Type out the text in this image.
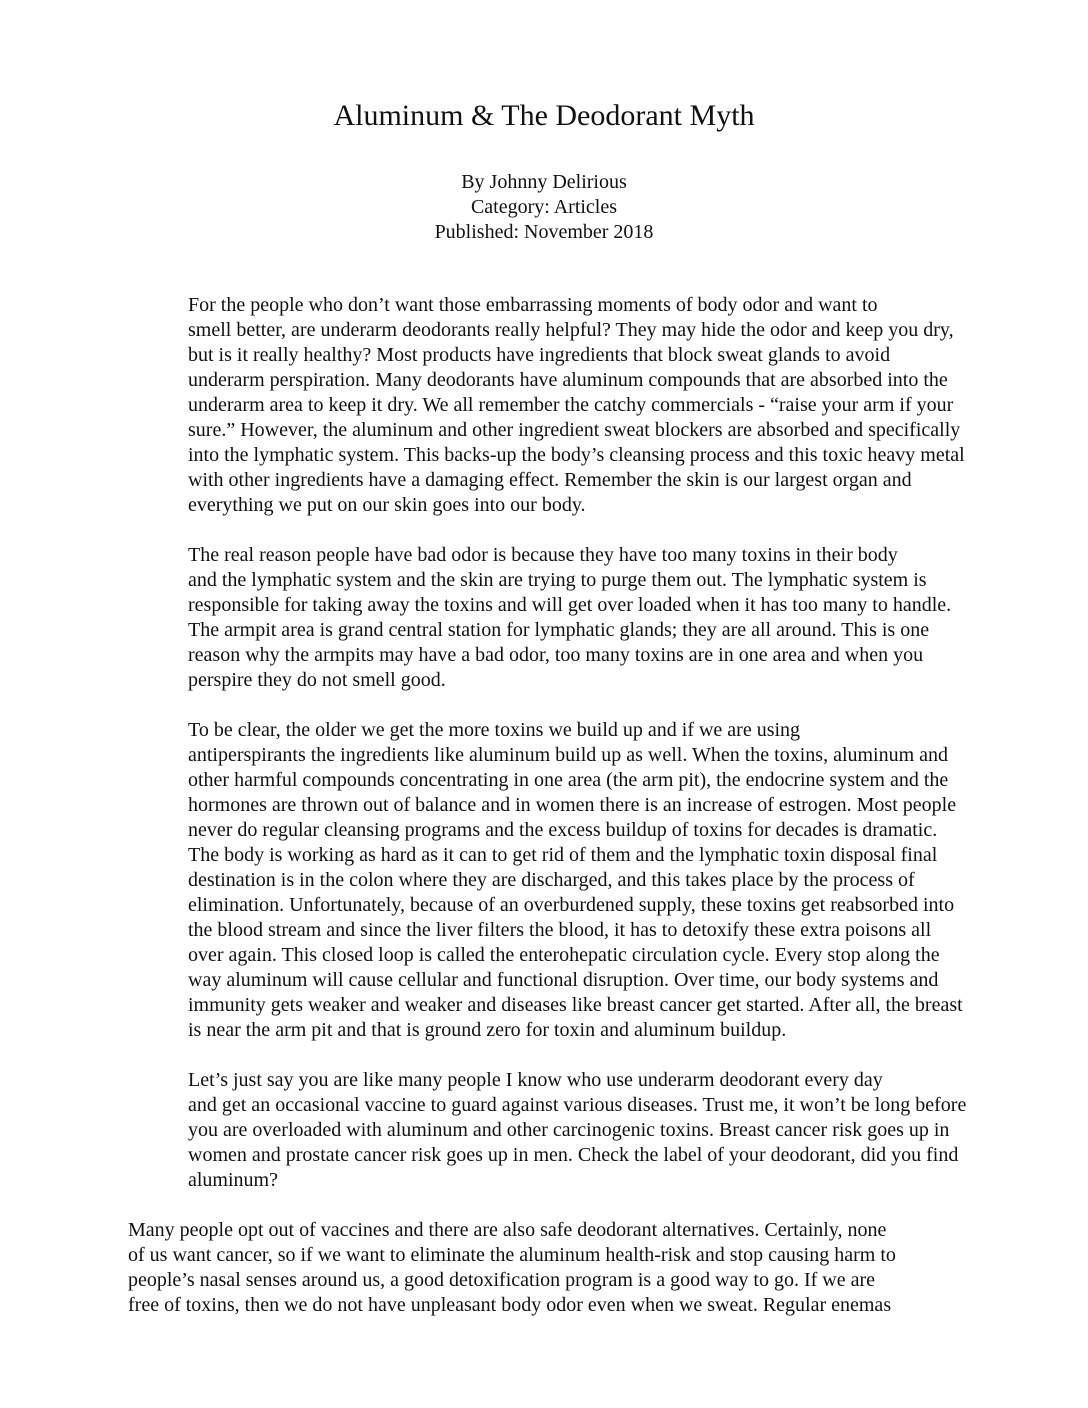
Aluminum & The Deodorant Myth
By Johnny Delirious
Category: Articles
Published: November 2018

For the people who don’t want those embarrassing moments of body odor and want to
smell better, are underarm deodorants really helpful? They may hide the odor and keep you dry,
but is it really healthy? Most products have ingredients that block sweat glands to avoid
underarm perspiration. Many deodorants have aluminum compounds that are absorbed into the
underarm area to keep it dry. We all remember the catchy commercials - “raise your arm if your
sure.” However, the aluminum and other ingredient sweat blockers are absorbed and specifically
into the lymphatic system. This backs-up the body’s cleansing process and this toxic heavy metal
with other ingredients have a damaging effect. Remember the skin is our largest organ and
everything we put on our skin goes into our body.

The real reason people have bad odor is because they have too many toxins in their body
and the lymphatic system and the skin are trying to purge them out. The lymphatic system is
responsible for taking away the toxins and will get over loaded when it has too many to handle.
The armpit area is grand central station for lymphatic glands; they are all around. This is one
reason why the armpits may have a bad odor, too many toxins are in one area and when you
perspire they do not smell good.

To be clear, the older we get the more toxins we build up and if we are using
antiperspirants the ingredients like aluminum build up as well. When the toxins, aluminum and
other harmful compounds concentrating in one area (the arm pit), the endocrine system and the
hormones are thrown out of balance and in women there is an increase of estrogen. Most people
never do regular cleansing programs and the excess buildup of toxins for decades is dramatic.
The body is working as hard as it can to get rid of them and the lymphatic toxin disposal final
destination is in the colon where they are discharged, and this takes place by the process of
elimination. Unfortunately, because of an overburdened supply, these toxins get reabsorbed into
the blood stream and since the liver filters the blood, it has to detoxify these extra poisons all
over again. This closed loop is called the enterohepatic circulation cycle. Every stop along the
way aluminum will cause cellular and functional disruption. Over time, our body systems and
immunity gets weaker and weaker and diseases like breast cancer get started. After all, the breast
is near the arm pit and that is ground zero for toxin and aluminum buildup.

Let’s just say you are like many people I know who use underarm deodorant every day
and get an occasional vaccine to guard against various diseases. Trust me, it won’t be long before
you are overloaded with aluminum and other carcinogenic toxins. Breast cancer risk goes up in
women and prostate cancer risk goes up in men. Check the label of your deodorant, did you find
aluminum?

Many people opt out of vaccines and there are also safe deodorant alternatives. Certainly, none
of us want cancer, so if we want to eliminate the aluminum health-risk and stop causing harm to
people’s nasal senses around us, a good detoxification program is a good way to go. If we are
free of toxins, then we do not have unpleasant body odor even when we sweat. Regular enemas
